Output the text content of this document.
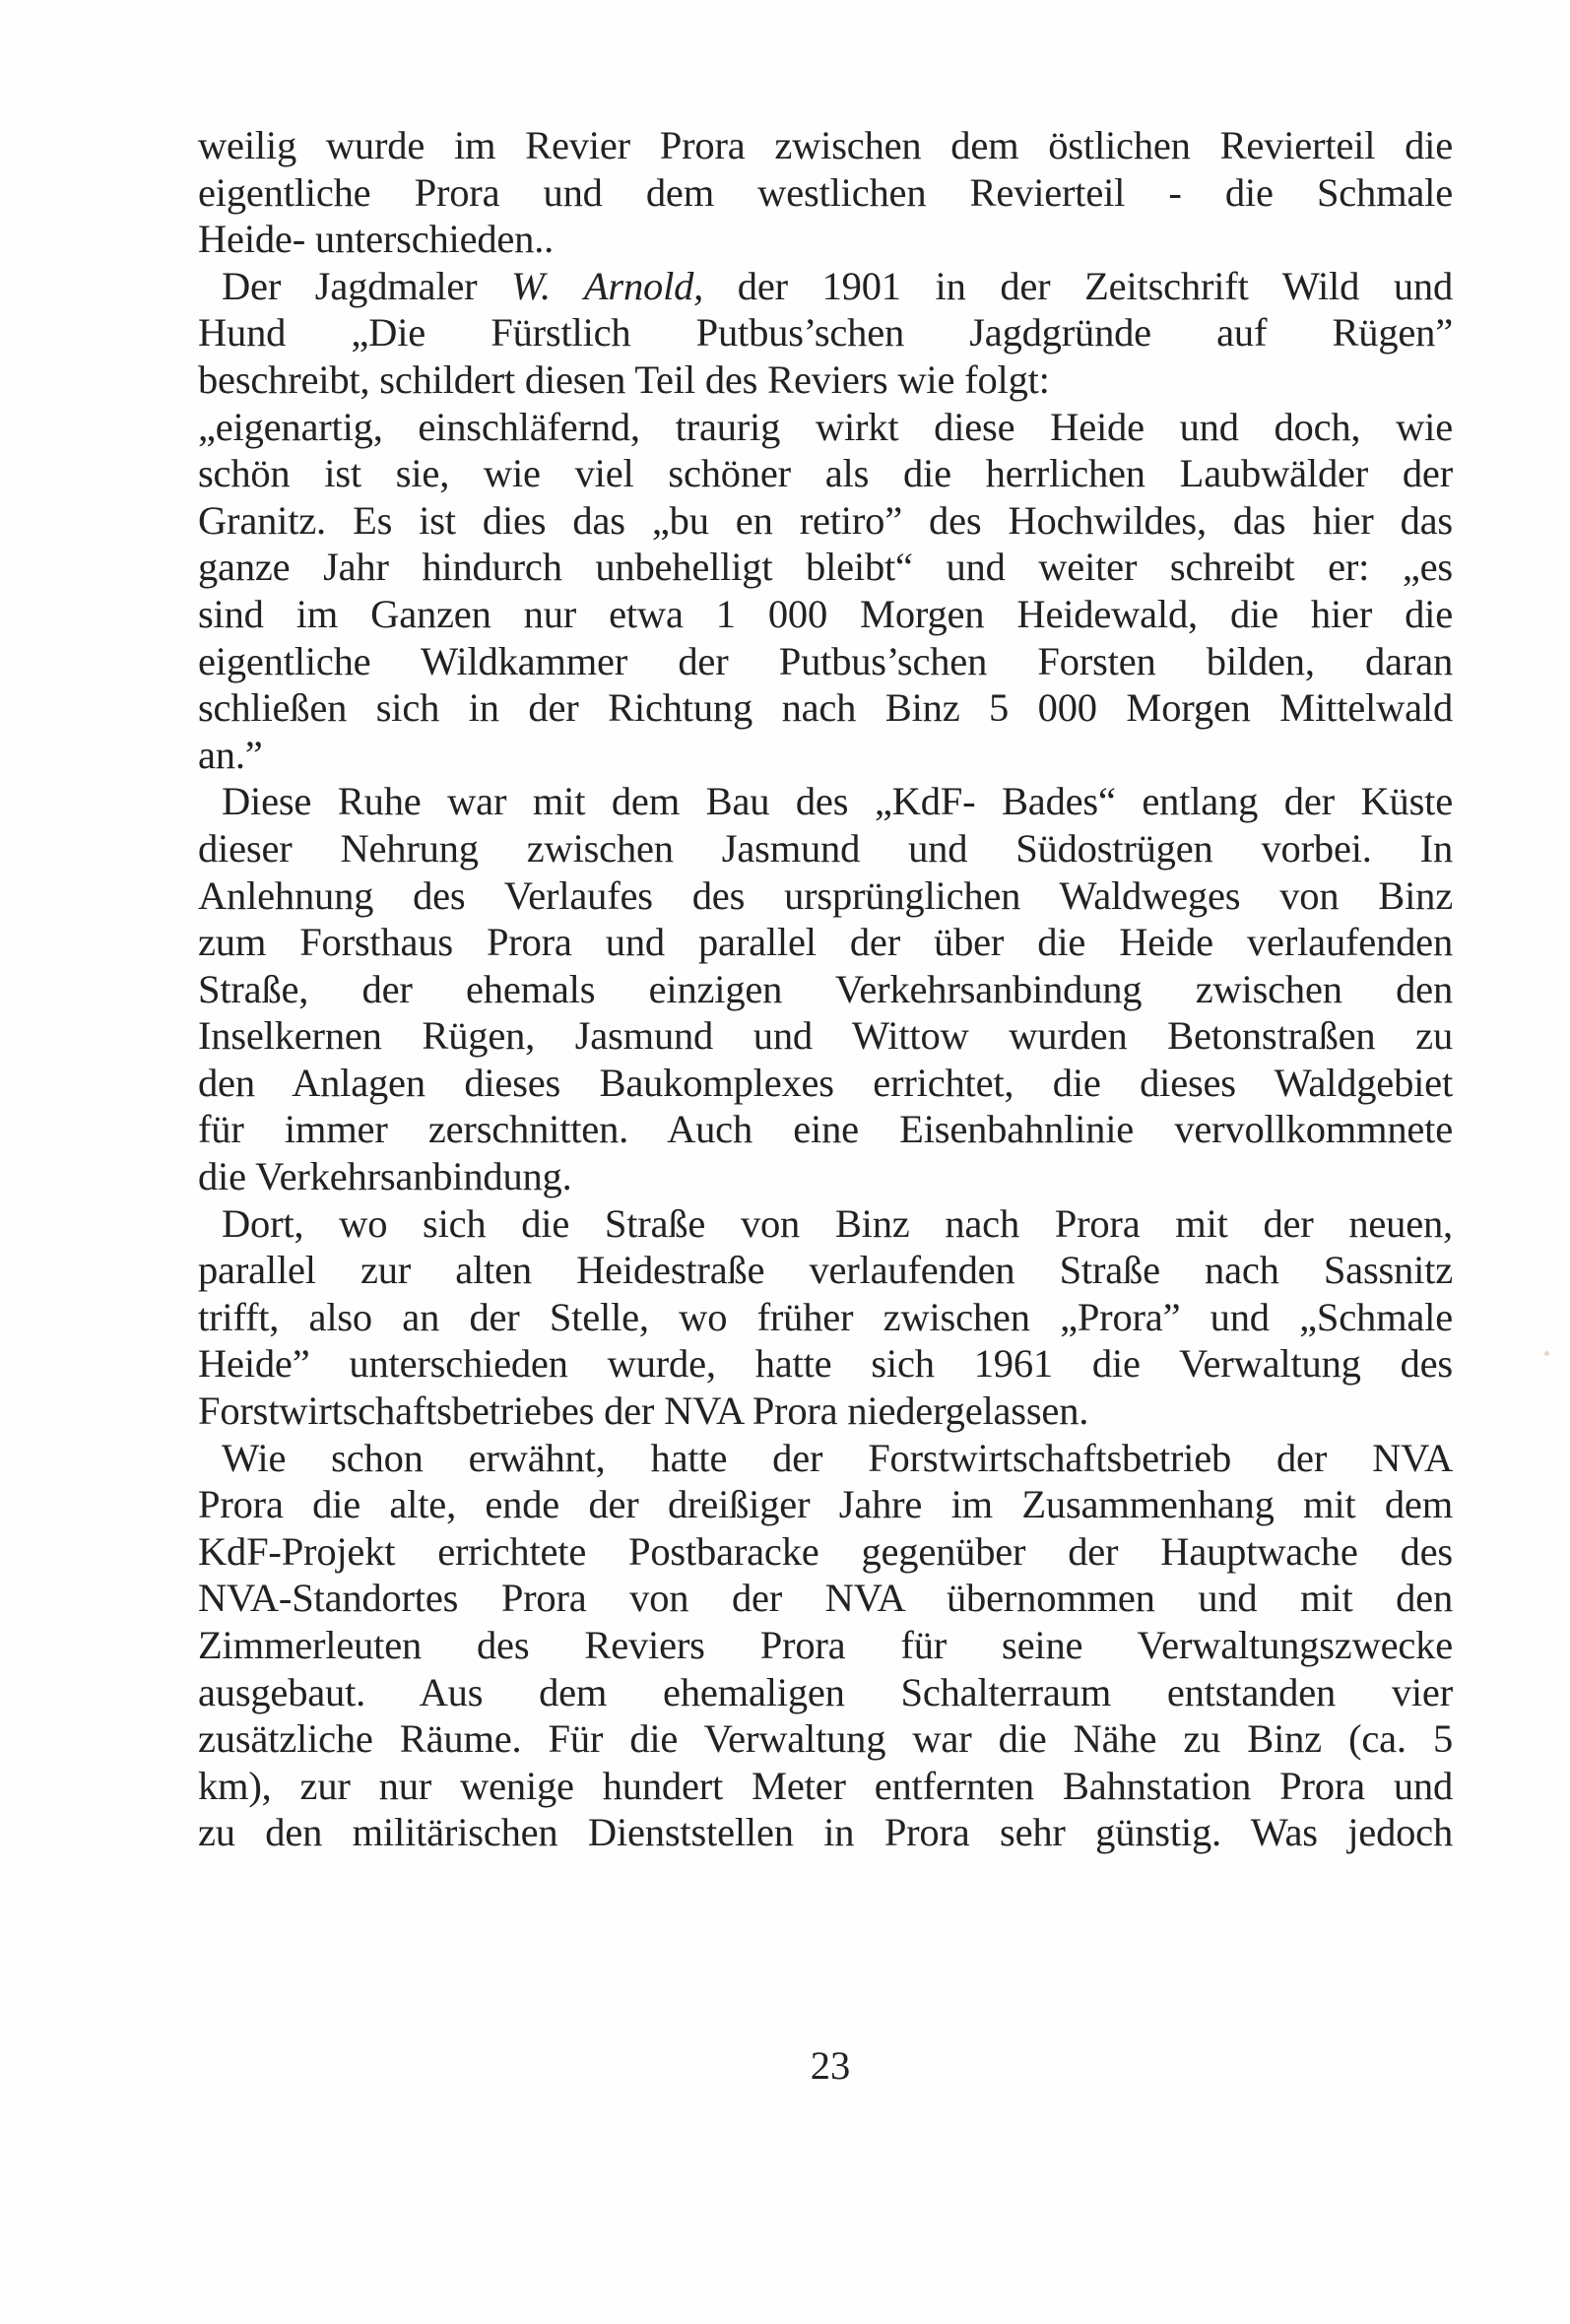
weilig wurde im Revier Prora zwischen dem östlichen Revierteil die
eigentliche Prora und dem westlichen Revierteil - die Schmale
Heide- unterschieden..
Der Jagdmaler W. Arnold, der 1901 in der Zeitschrift Wild und
Hund „Die Fürstlich Putbus’schen Jagdgründe auf Rügen”
beschreibt, schildert diesen Teil des Reviers wie folgt:
„eigenartig, einschläfernd, traurig wirkt diese Heide und doch, wie
schön ist sie, wie viel schöner als die herrlichen Laubwälder der
Granitz. Es ist dies das „bu en retiro” des Hochwildes, das hier das
ganze Jahr hindurch unbehelligt bleibt“ und weiter schreibt er: „es
sind im Ganzen nur etwa 1 000 Morgen Heidewald, die hier die
eigentliche Wildkammer der Putbus’schen Forsten bilden, daran
schließen sich in der Richtung nach Binz 5 000 Morgen Mittelwald
an.”
Diese Ruhe war mit dem Bau des „KdF- Bades“ entlang der Küste
dieser Nehrung zwischen Jasmund und Südostrügen vorbei. In
Anlehnung des Verlaufes des ursprünglichen Waldweges von Binz
zum Forsthaus Prora und parallel der über die Heide verlaufenden
Straße, der ehemals einzigen Verkehrsanbindung zwischen den
Inselkernen Rügen, Jasmund und Wittow wurden Betonstraßen zu
den Anlagen dieses Baukomplexes errichtet, die dieses Waldgebiet
für immer zerschnitten. Auch eine Eisenbahnlinie vervollkommnete
die Verkehrsanbindung.
Dort, wo sich die Straße von Binz nach Prora mit der neuen,
parallel zur alten Heidestraße verlaufenden Straße nach Sassnitz
trifft, also an der Stelle, wo früher zwischen „Prora” und „Schmale
Heide” unterschieden wurde, hatte sich 1961 die Verwaltung des
Forstwirtschaftsbetriebes der NVA Prora niedergelassen.
Wie schon erwähnt, hatte der Forstwirtschaftsbetrieb der NVA
Prora die alte, ende der dreißiger Jahre im Zusammenhang mit dem
KdF-Projekt errichtete Postbaracke gegenüber der Hauptwache des
NVA-Standortes Prora von der NVA übernommen und mit den
Zimmerleuten des Reviers Prora für seine Verwaltungszwecke
ausgebaut. Aus dem ehemaligen Schalterraum entstanden vier
zusätzliche Räume. Für die Verwaltung war die Nähe zu Binz (ca. 5
km), zur nur wenige hundert Meter entfernten Bahnstation Prora und
zu den militärischen Dienststellen in Prora sehr günstig. Was jedoch
23
